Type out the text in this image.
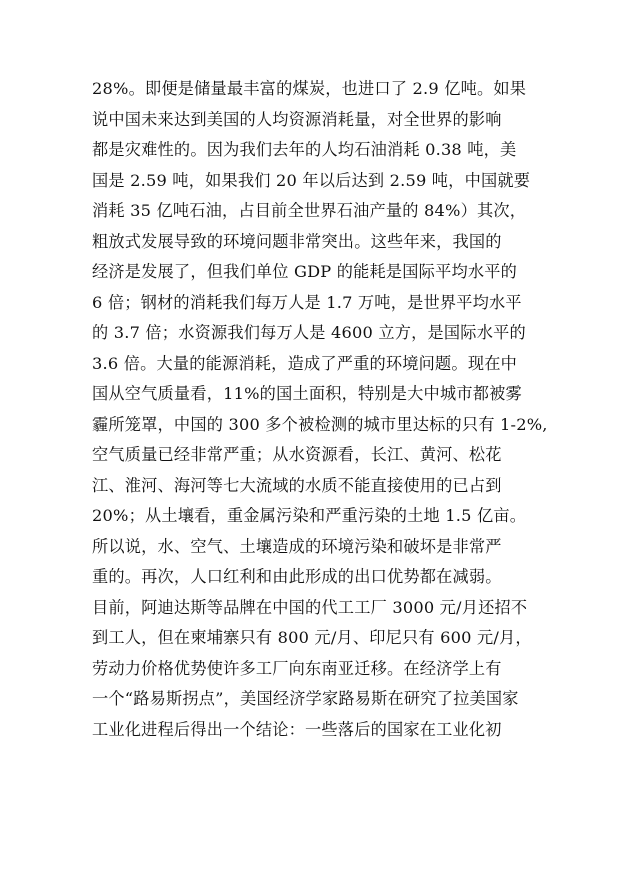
28%。即便是储量最丰富的煤炭，也进口了 2.9 亿吨。如果
说中国未来达到美国的人均资源消耗量，对全世界的影响
都是灾难性的。因为我们去年的人均石油消耗 0.38 吨，美
国是 2.59 吨，如果我们 20 年以后达到 2.59 吨，中国就要
消耗 35 亿吨石油，占目前全世界石油产量的 84%）其次，
粗放式发展导致的环境问题非常突出。这些年来，我国的
经济是发展了，但我们单位 GDP 的能耗是国际平均水平的
6 倍；钢材的消耗我们每万人是 1.7 万吨，是世界平均水平
的 3.7 倍；水资源我们每万人是 4600 立方，是国际水平的
3.6 倍。大量的能源消耗，造成了严重的环境问题。现在中
国从空气质量看，11%的国土面积，特别是大中城市都被雾
霾所笼罩，中国的 300 多个被检测的城市里达标的只有 1-2%,
空气质量已经非常严重；从水资源看，长江、黄河、松花
江、淮河、海河等七大流域的水质不能直接使用的已占到
20%；从土壤看，重金属污染和严重污染的土地 1.5 亿亩。
所以说，水、空气、土壤造成的环境污染和破坏是非常严
重的。再次，人口红利和由此形成的出口优势都在减弱。
目前，阿迪达斯等品牌在中国的代工工厂 3000 元/月还招不
到工人，但在柬埔寨只有 800 元/月、印尼只有 600 元/月，
劳动力价格优势使许多工厂向东南亚迁移。在经济学上有
一个“路易斯拐点”，美国经济学家路易斯在研究了拉美国家
工业化进程后得出一个结论：一些落后的国家在工业化初
